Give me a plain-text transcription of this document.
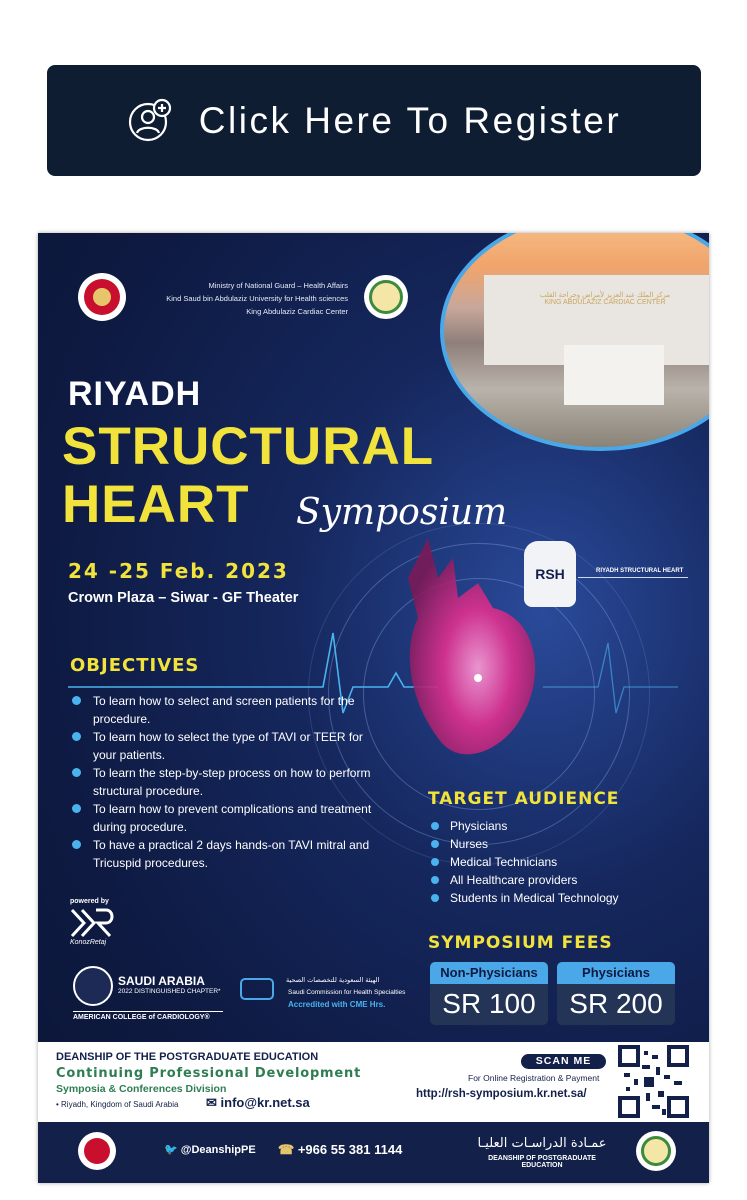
Click Here To Register
Ministry of National Guard – Health Affairs
Kind Saud bin Abdulaziz University for Health sciences
King Abdulaziz Cardiac Center
مركز الملك عبد العزيز لأمراض وجراحة القلب
KING ABDULAZIZ CARDIAC CENTER
RIYADH
STRUCTURAL
HEART Symposium
24 -25 Feb. 2023
Crown Plaza – Siwar - GF Theater
RSH	RIYADH STRUCTURAL HEART
OBJECTIVES
To learn how to select and screen patients for the procedure.
To learn how to select the type of TAVI or TEER for your patients.
To learn the step-by-step process on how to perform structural procedure.
To learn how to prevent complications and treatment during procedure.
To have a practical 2 days hands-on TAVI mitral and Tricuspid procedures.
TARGET AUDIENCE
Physicians
Nurses
Medical Technicians
All Healthcare providers
Students in Medical Technology
SYMPOSIUM FEES
Non-Physicians
SR 100
Physicians
SR 200
powered by
KonozRetaj
SAUDI ARABIA
2022 DISTINGUISHED CHAPTER*
AMERICAN COLLEGE of CARDIOLOGY®
الهيئة السعودية للتخصصات الصحية
Saudi Commission for Health Specialties
Accredited with CME Hrs.
DEANSHIP OF THE POSTGRADUATE EDUCATION
Continuing Professional Development
Symposia & Conferences Division
• Riyadh, Kingdom of Saudi Arabia ✉ info@kr.net.sa
SCAN ME
For Online Registration & Payment
http://rsh-symposium.kr.net.sa/
🐦 @DeanshipPE ☎ +966 55 381 1144	عمـادة الدراسـات العليـا
DEANSHIP OF POSTGRADUATE EDUCATION
